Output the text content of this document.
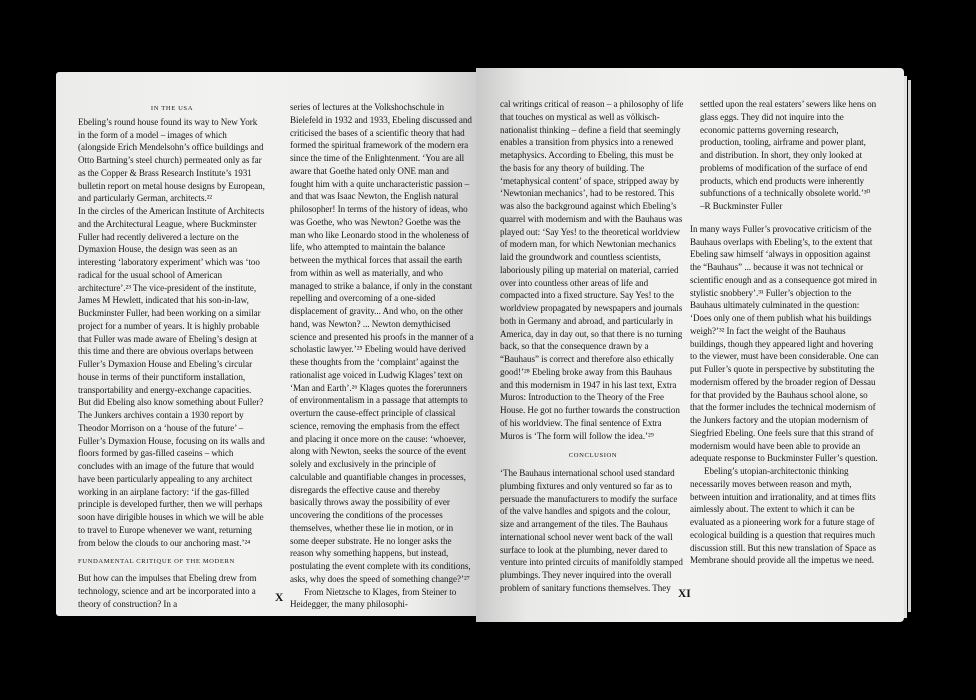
IN THE USA

Ebeling’s round house found its way to New York in the form of a model – images of which (alongside Erich Mendelsohn’s office buildings and Otto Bartning’s steel church) permeated only as far as the Copper & Brass Research Institute’s 1931 bulletin report on metal house designs by European, and particularly German, architects.²²

In the circles of the American Institute of Architects and the Architectural League, where Buckminster Fuller had recently delivered a lecture on the Dymaxion House, the design was seen as an interesting ‘laboratory experiment’ which was ‘too radical for the usual school of American architecture’.²³ The vice-president of the institute, James M Hewlett, indicated that his son-in-law, Buckminster Fuller, had been working on a similar project for a number of years. It is highly probable that Fuller was made aware of Ebeling’s design at this time and there are obvious overlaps between Fuller’s Dymaxion House and Ebeling’s circular house in terms of their punctiform installation, transportability and energy-exchange capacities. But did Ebeling also know something about Fuller? The Junkers archives contain a 1930 report by Theodor Morrison on a ‘house of the future’ – Fuller’s Dymaxion House, focusing on its walls and floors formed by gas-filled caseins – which concludes with an image of the future that would have been particularly appealing to any architect working in an airplane factory: ‘if the gas-filled principle is developed further, then we will perhaps soon have dirigible houses in which we will be able to travel to Europe whenever we want, returning from below the clouds to our anchoring mast.’²⁴

FUNDAMENTAL CRITIQUE OF THE MODERN

But how can the impulses that Ebeling drew from technology, science and art be incorporated into a theory of construction? In a

series of lectures at the Volkshochschule in Bielefeld in 1932 and 1933, Ebeling discussed and criticised the bases of a scientific theory that had formed the spiritual framework of the modern era since the time of the Enlightenment. ‘You are all aware that Goethe hated only ONE man and fought him with a quite uncharacteristic passion – and that was Isaac Newton, the English natural philosopher! In terms of the history of ideas, who was Goethe, who was Newton? Goethe was the man who like Leonardo stood in the wholeness of life, who attempted to maintain the balance between the mythical forces that assail the earth from within as well as materially, and who managed to strike a balance, if only in the constant repelling and overcoming of a one-sided displacement of gravity... And who, on the other hand, was Newton? ... Newton demythicised science and presented his proofs in the manner of a scholastic lawyer.’²⁵ Ebeling would have derived these thoughts from the ‘complaint’ against the rationalist age voiced in Ludwig Klages’ text on ‘Man and Earth’.²⁶ Klages quotes the forerunners of environmentalism in a passage that attempts to overturn the cause-effect principle of classical science, removing the emphasis from the effect and placing it once more on the cause: ‘whoever, along with Newton, seeks the source of the event solely and exclusively in the principle of calculable and quantifiable changes in processes, disregards the effective cause and thereby basically throws away the possibility of ever uncovering the conditions of the processes themselves, whether these lie in motion, or in some deeper substrate. He no longer asks the reason why something happens, but instead, postulating the event complete with its conditions, asks, why does the speed of something change?’²⁷

From Nietzsche to Klages, from Steiner to Heidegger, the many philosophi-

X

cal writings critical of reason – a philosophy of life that touches on mystical as well as völkisch-nationalist thinking – define a field that seemingly enables a transition from physics into a renewed metaphysics. According to Ebeling, this must be the basis for any theory of building. The ‘metaphysical content’ of space, stripped away by ‘Newtonian mechanics’, had to be restored. This was also the background against which Ebeling’s quarrel with modernism and with the Bauhaus was played out: ‘Say Yes! to the theoretical worldview of modern man, for which Newtonian mechanics laid the groundwork and countless scientists, laboriously piling up material on material, carried over into countless other areas of life and compacted into a fixed structure. Say Yes! to the worldview propagated by newspapers and journals both in Germany and abroad, and particularly in America, day in day out, so that there is no turning back, so that the consequence drawn by a “Bauhaus” is correct and therefore also ethically good!’²⁸ Ebeling broke away from this Bauhaus and this modernism in 1947 in his last text, Extra Muros: Introduction to the Theory of the Free House. He got no further towards the construction of his worldview. The final sentence of Extra Muros is ‘The form will follow the idea.’²⁹

CONCLUSION

‘The Bauhaus international school used standard plumbing fixtures and only ventured so far as to persuade the manufacturers to modify the surface of the valve handles and spigots and the colour, size and arrangement of the tiles. The Bauhaus international school never went back of the wall surface to look at the plumbing, never dared to venture into printed circuits of manifoldly stamped plumbings. They never inquired into the overall problem of sanitary functions themselves. They

settled upon the real estaters’ sewers like hens on glass eggs. They did not inquire into the economic patterns governing research, production, tooling, airframe and power plant, and distribution. In short, they only looked at problems of modification of the surface of end products, which end products were inherently subfunctions of a technically obsolete world.’³⁰

–R Buckminster Fuller

In many ways Fuller’s provocative criticism of the Bauhaus overlaps with Ebeling’s, to the extent that Ebeling saw himself ‘always in opposition against the “Bauhaus” ... because it was not technical or scientific enough and as a consequence got mired in stylistic snobbery’.³¹ Fuller’s objection to the Bauhaus ultimately culminated in the question: ‘Does only one of them publish what his buildings weigh?’³² In fact the weight of the Bauhaus buildings, though they appeared light and hovering to the viewer, must have been considerable. One can put Fuller’s quote in perspective by substituting the modernism offered by the broader region of Dessau for that provided by the Bauhaus school alone, so that the former includes the technical modernism of the Junkers factory and the utopian modernism of Siegfried Ebeling. One feels sure that this strand of modernism would have been able to provide an adequate response to Buckminster Fuller’s question.

Ebeling’s utopian-architectonic thinking necessarily moves between reason and myth, between intuition and irrationality, and at times flits aimlessly about. The extent to which it can be evaluated as a pioneering work for a future stage of ecological building is a question that requires much discussion still. But this new translation of Space as Membrane should provide all the impetus we need.

XI
